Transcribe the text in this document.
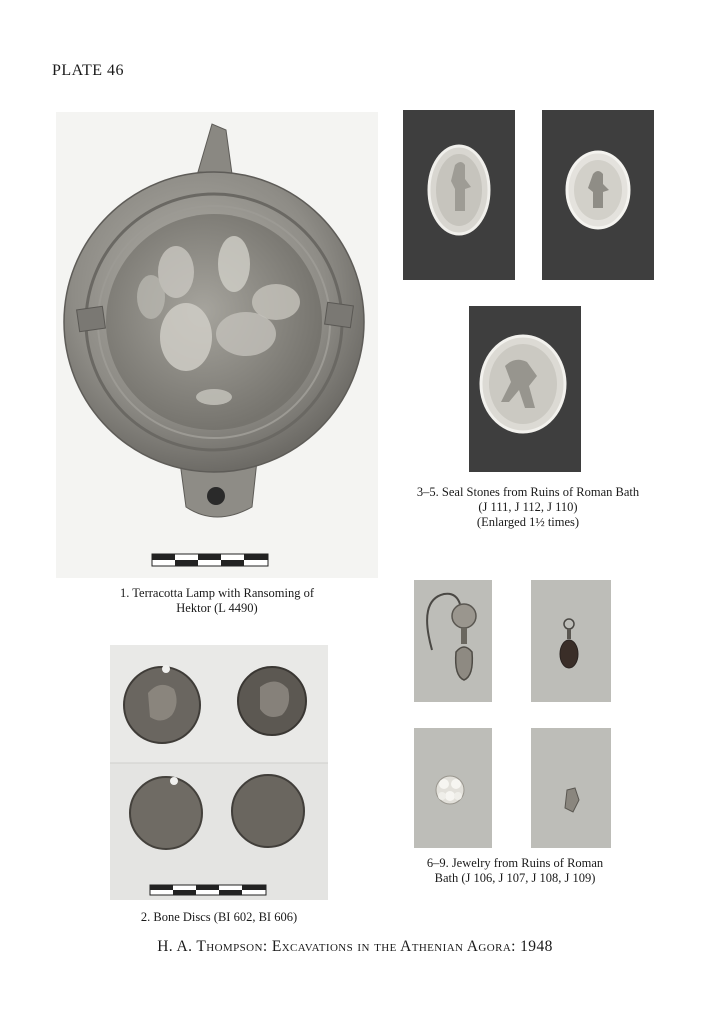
PLATE 46
1. Terracotta Lamp with Ransoming of
Hektor (L 4490)
3–5. Seal Stones from Ruins of Roman Bath
(J 111, J 112, J 110)
(Enlarged 1½ times)
2. Bone Discs (BI 602, BI 606)
6–9. Jewelry from Ruins of Roman
Bath (J 106, J 107, J 108, J 109)
H. A. Thompson: Excavations in the Athenian Agora: 1948
